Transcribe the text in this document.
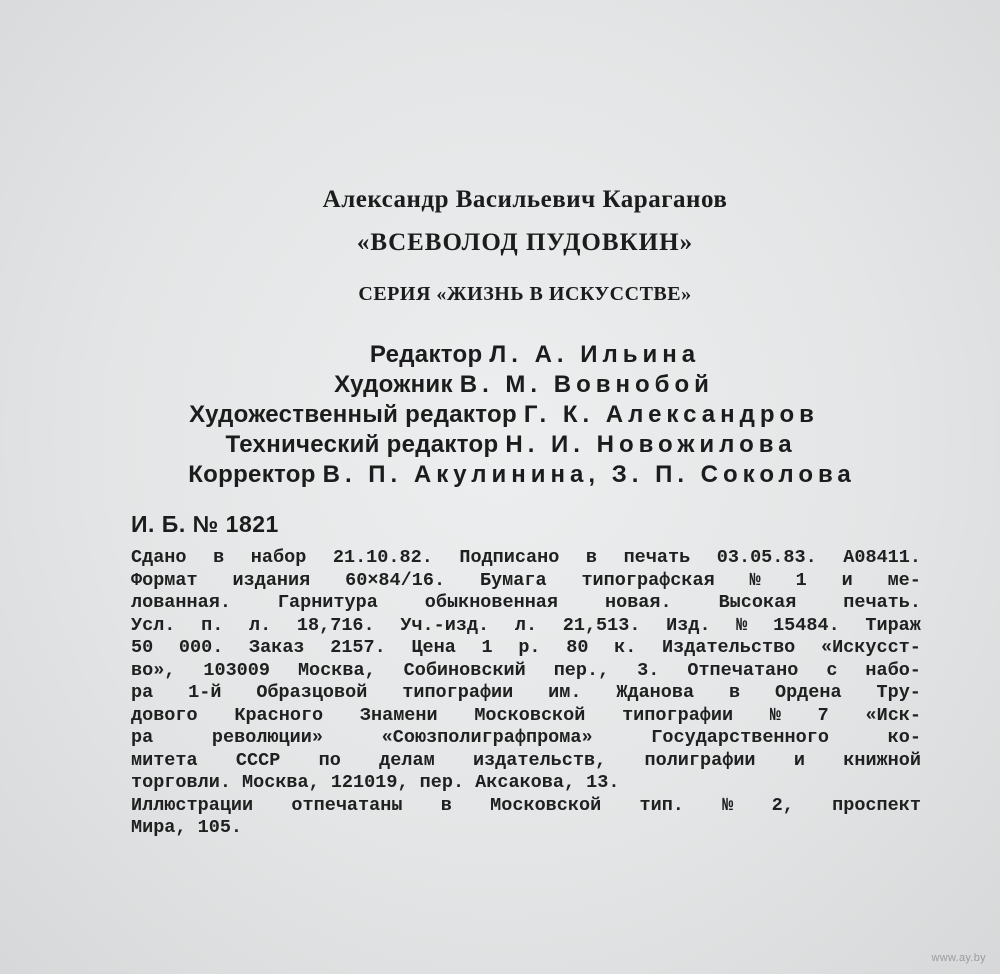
Александр Васильевич Караганов
«ВСЕВОЛОД ПУДОВКИН»
СЕРИЯ «ЖИЗНЬ В ИСКУССТВЕ»
Редактор Л. А. Ильина
Художник В. М. Вовнобой
Художественный редактор Г. К. Александров
Технический редактор Н. И. Новожилова
Корректор В. П. Акулинина, З. П. Соколова
И. Б. № 1821
Сдано в набор 21.10.82. Подписано в печать 03.05.83. А08411.
Формат издания 60×84/16. Бумага типографская № 1 и ме-
лованная.	Гарнитура	обыкновенная	новая.	Высокая	печать.
Усл. п. л. 18,716. Уч.-изд. л. 21,513. Изд. № 15484. Тираж
50 000. Заказ 2157. Цена 1 р. 80 к. Издательство «Искусст-
во», 103009 Москва, Собиновский пер., 3. Отпечатано с набо-
ра 1-й Образцовой типографии им. Жданова в Ордена Тру-
дового Красного Знамени Московской типографии № 7 «Иск-
ра	революции»	«Союзполиграфпрома»	Государственного	ко-
митета СССР по делам издательств, полиграфии и книжной
торговли. Москва, 121019, пер. Аксакова, 13.
Иллюстрации отпечатаны в Московской тип. № 2, проспект
Мира, 105.
www.ay.by
